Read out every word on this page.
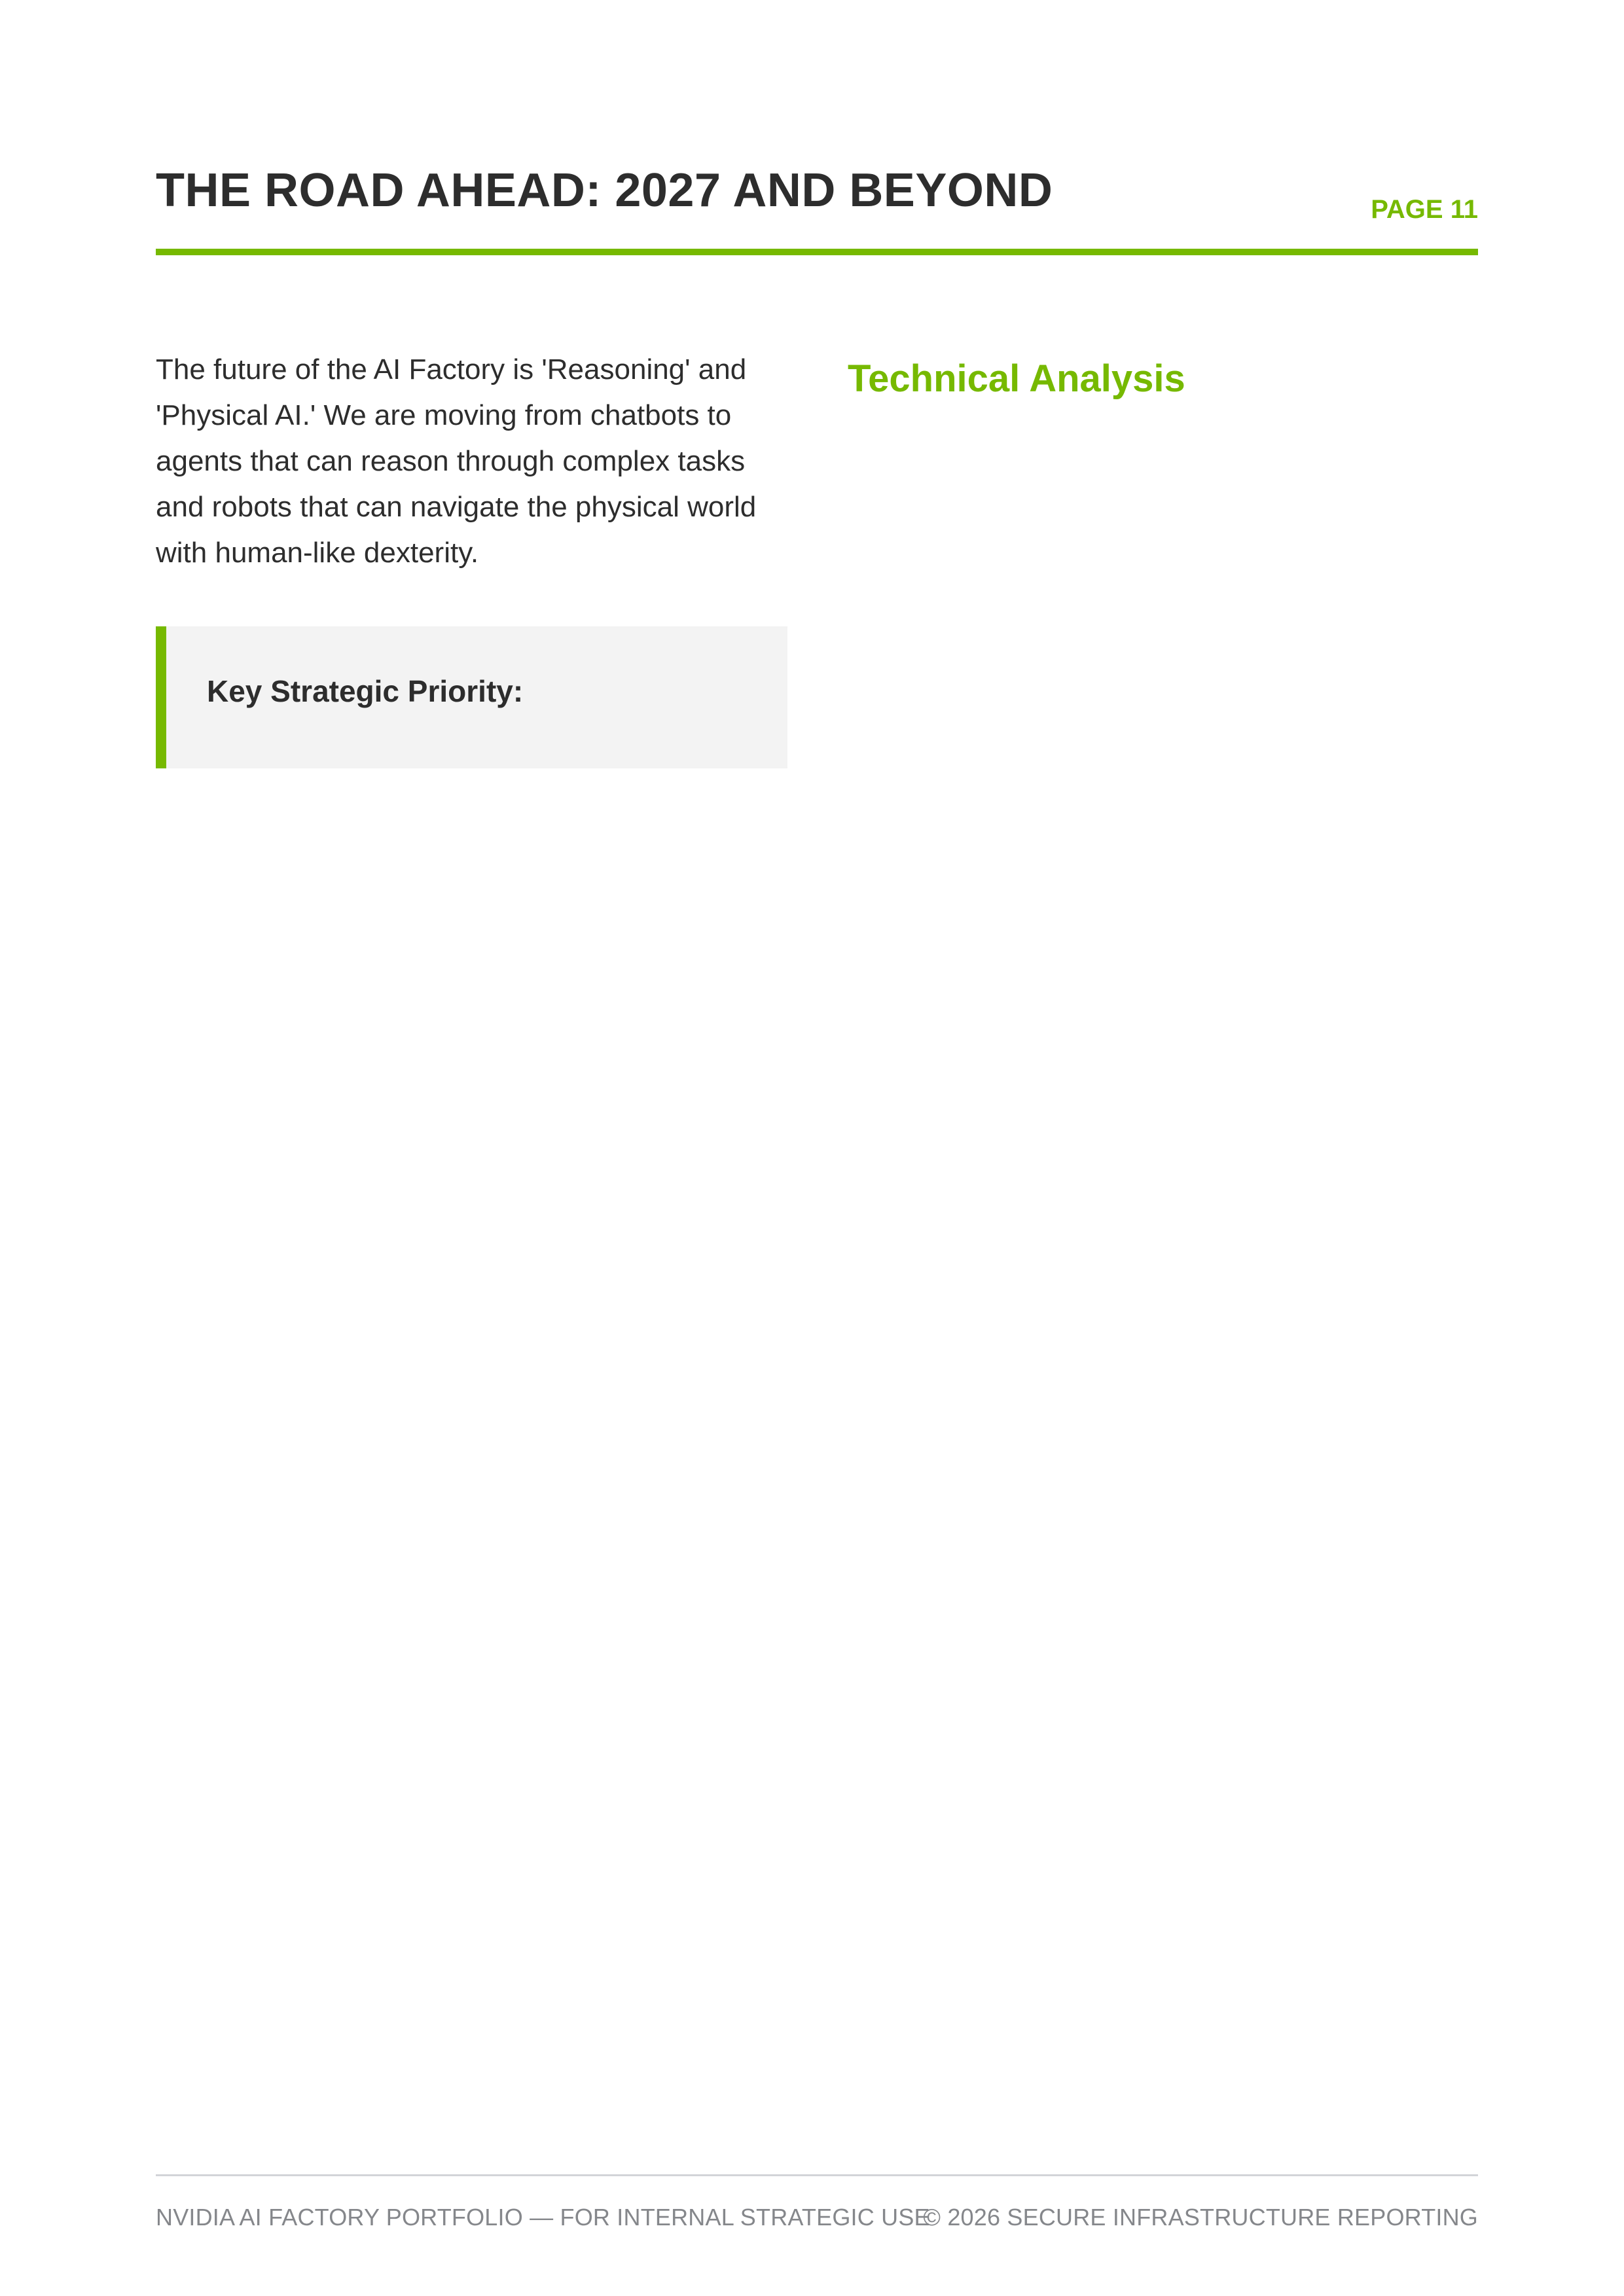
THE ROAD AHEAD: 2027 AND BEYOND	PAGE 11

The future of the AI Factory is 'Reasoning' and 'Physical AI.' We are moving from chatbots to agents that can reason through complex tasks and robots that can navigate the physical world with human-like dexterity.

Key Strategic Priority:
Technical Analysis
NVIDIA AI FACTORY PORTFOLIO — FOR INTERNAL STRATEGIC USE
© 2026 SECURE INFRASTRUCTURE REPORTING
